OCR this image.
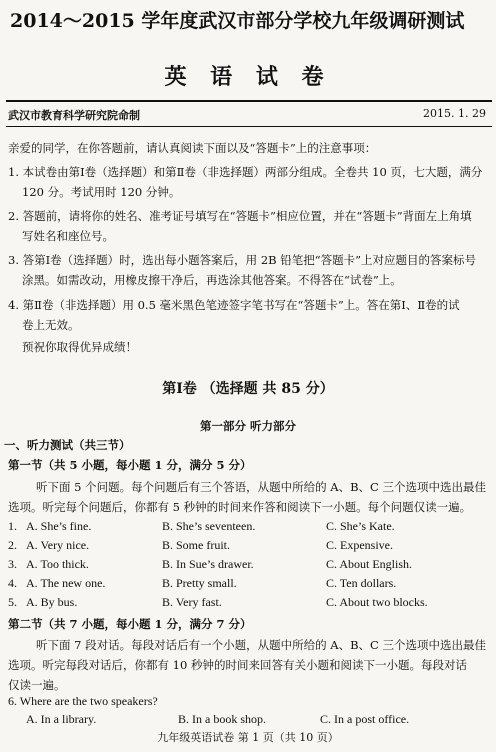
2014～2015 学年度武汉市部分学校九年级调研测试
英 语 试 卷
武汉市教育科学研究院命制	2015. 1. 29
亲爱的同学，在你答题前，请认真阅读下面以及“答题卡”上的注意事项：
1. 本试卷由第Ⅰ卷（选择题）和第Ⅱ卷（非选择题）两部分组成。全卷共 10 页，七大题，满分
120 分。考试用时 120 分钟。
2. 答题前，请将你的姓名、准考证号填写在“答题卡”相应位置，并在“答题卡”背面左上角填
写姓名和座位号。
3. 答第Ⅰ卷（选择题）时，选出每小题答案后，用 2B 铅笔把“答题卡”上对应题目的答案标号
涂黑。如需改动，用橡皮擦干净后，再选涂其他答案。不得答在“试卷”上。
4. 第Ⅱ卷（非选择题）用 0.5 毫米黑色笔迹签字笔书写在“答题卡”上。答在第Ⅰ、Ⅱ卷的试
卷上无效。
预祝你取得优异成绩！
第Ⅰ卷 （选择题 共 85 分）
第一部分 听力部分
一、听力测试（共三节）
第一节（共 5 小题，每小题 1 分，满分 5 分）
听下面 5 个问题。每个问题后有三个答语，从题中所给的 A、B、C 三个选项中选出最佳
选项。听完每个问题后，你都有 5 秒钟的时间来作答和阅读下一小题。每个问题仅读一遍。
1. A. She’s fine.	B. She’s seventeen.	C. She’s Kate.
2. A. Very nice.	B. Some fruit.	C. Expensive.
3. A. Too thick.	B. In Sue’s drawer.	C. About English.
4. A. The new one.	B. Pretty small.	C. Ten dollars.
5. A. By bus.	B. Very fast.	C. About two blocks.
第二节（共 7 小题，每小题 1 分，满分 7 分）
听下面 7 段对话。每段对话后有一个小题，从题中所给的 A、B、C 三个选项中选出最佳
选项。听完每段对话后，你都有 10 秒钟的时间来回答有关小题和阅读下一小题。每段对话
仅读一遍。
6. Where are the two speakers?
A. In a library.	B. In a book shop.	C. In a post office.
九年级英语试卷 第 1 页（共 10 页）
